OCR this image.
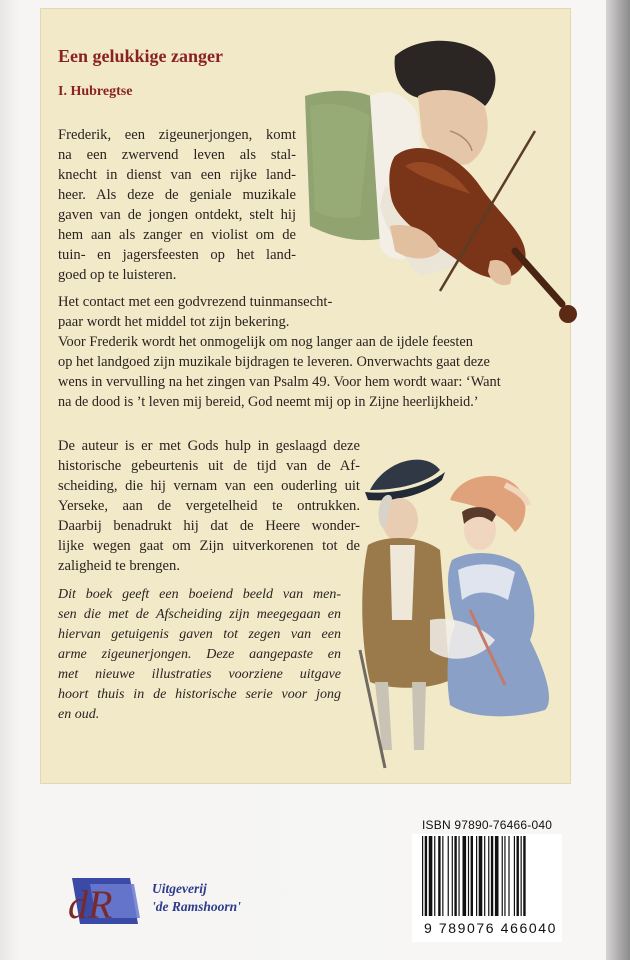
Een gelukkige zanger

I. Hubregtse

Frederik, een zigeunerjongen, komt
na een zwervend leven als stal-
knecht in dienst van een rijke land-
heer. Als deze de geniale muzikale
gaven van de jongen ontdekt, stelt hij
hem aan als zanger en violist om de
tuin- en jagersfeesten op het land-
goed op te luisteren.

Het contact met een godvrezend tuinmansecht-
paar wordt het middel tot zijn bekering.
Voor Frederik wordt het onmogelijk om nog langer aan de ijdele feesten
op het landgoed zijn muzikale bijdragen te leveren. Onverwachts gaat deze
wens in vervulling na het zingen van Psalm 49. Voor hem wordt waar: ‘Want
na de dood is ’t leven mij bereid, God neemt mij op in Zijne heerlijkheid.’

De auteur is er met Gods hulp in geslaagd deze
historische gebeurtenis uit de tijd van de Af-
scheiding, die hij vernam van een ouderling uit
Yerseke, aan de vergetelheid te ontrukken.
Daarbij benadrukt hij dat de Heere wonder-
lijke wegen gaat om Zijn uitverkorenen tot de
zaligheid te brengen.

Dit boek geeft een boeiend beeld van men-
sen die met de Afscheiding zijn meegegaan en
hiervan getuigenis gaven tot zegen van een
arme zigeunerjongen. Deze aangepaste en
met nieuwe illustraties voorziene uitgave
hoort thuis in de historische serie voor jong
en oud.

dR	Uitgeverij
'de Ramshoorn'
ISBN 97890-76466-040
9 789076 466040
